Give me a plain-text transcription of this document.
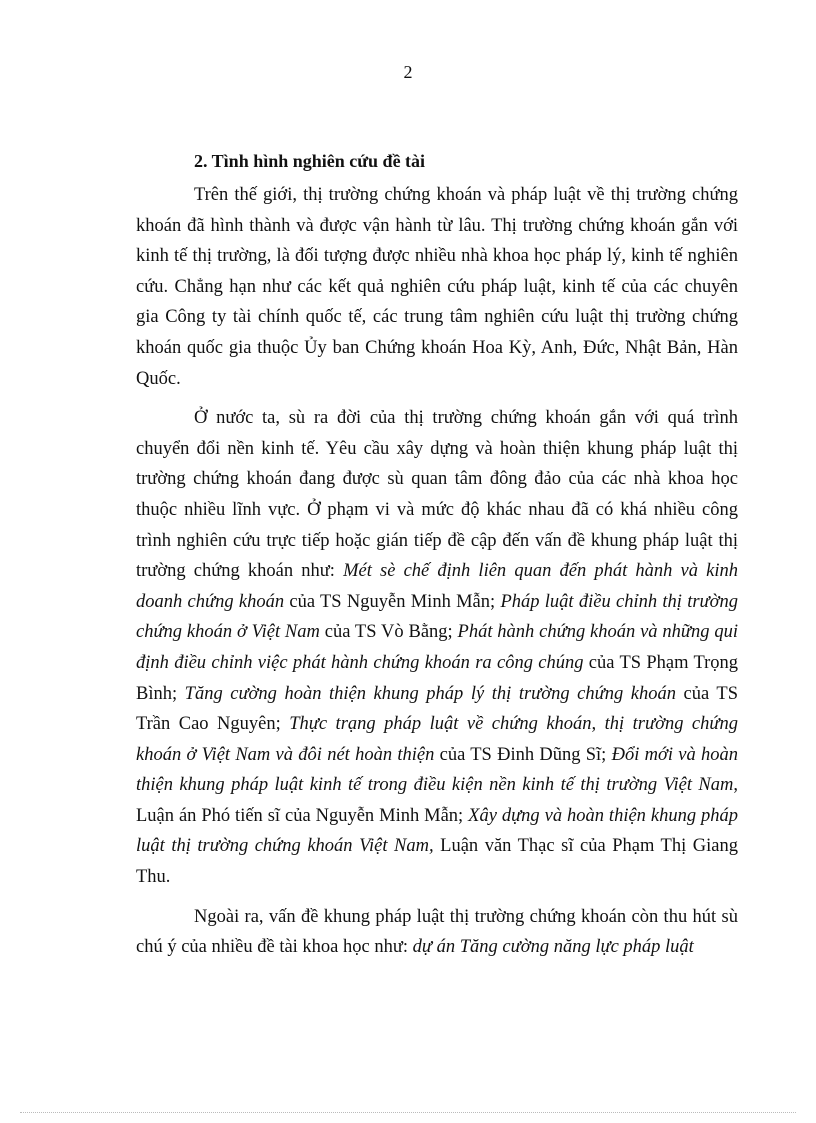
2
2. Tình hình nghiên cứu đề tài

Trên thế giới, thị trường chứng khoán và pháp luật về thị trường chứng khoán đã hình thành và được vận hành từ lâu. Thị trường chứng khoán gắn với kinh tế thị trường, là đối tượng được nhiều nhà khoa học pháp lý, kinh tế nghiên cứu. Chẳng hạn như các kết quả nghiên cứu pháp luật, kinh tế của các chuyên gia Công ty tài chính quốc tế, các trung tâm nghiên cứu luật thị trường chứng khoán quốc gia thuộc Ủy ban Chứng khoán Hoa Kỳ, Anh, Đức, Nhật Bản, Hàn Quốc.

Ở nước ta, sù ra đời của thị trường chứng khoán gắn với quá trình chuyển đổi nền kinh tế. Yêu cầu xây dựng và hoàn thiện khung pháp luật thị trường chứng khoán đang được sù quan tâm đông đảo của các nhà khoa học thuộc nhiều lĩnh vực. Ở phạm vi và mức độ khác nhau đã có khá nhiều công trình nghiên cứu trực tiếp hoặc gián tiếp đề cập đến vấn đề khung pháp luật thị trường chứng khoán như: Mét sè chế định liên quan đến phát hành và kinh doanh chứng khoán của TS Nguyễn Minh Mẫn; Pháp luật điều chỉnh thị trường chứng khoán ở Việt Nam của TS Vò Bằng; Phát hành chứng khoán và những qui định điều chỉnh việc phát hành chứng khoán ra công chúng của TS Phạm Trọng Bình; Tăng cường hoàn thiện khung pháp lý thị trường chứng khoán của TS Trần Cao Nguyên; Thực trạng pháp luật về chứng khoán, thị trường chứng khoán ở Việt Nam và đôi nét hoàn thiện của TS Đinh Dũng Sĩ; Đổi mới và hoàn thiện khung pháp luật kinh tế trong điều kiện nền kinh tế thị trường Việt Nam, Luận án Phó tiến sĩ của Nguyễn Minh Mẫn; Xây dựng và hoàn thiện khung pháp luật thị trường chứng khoán Việt Nam, Luận văn Thạc sĩ của Phạm Thị Giang Thu.

Ngoài ra, vấn đề khung pháp luật thị trường chứng khoán còn thu hút sù chú ý của nhiều đề tài khoa học như: dự án Tăng cường năng lực pháp luật
